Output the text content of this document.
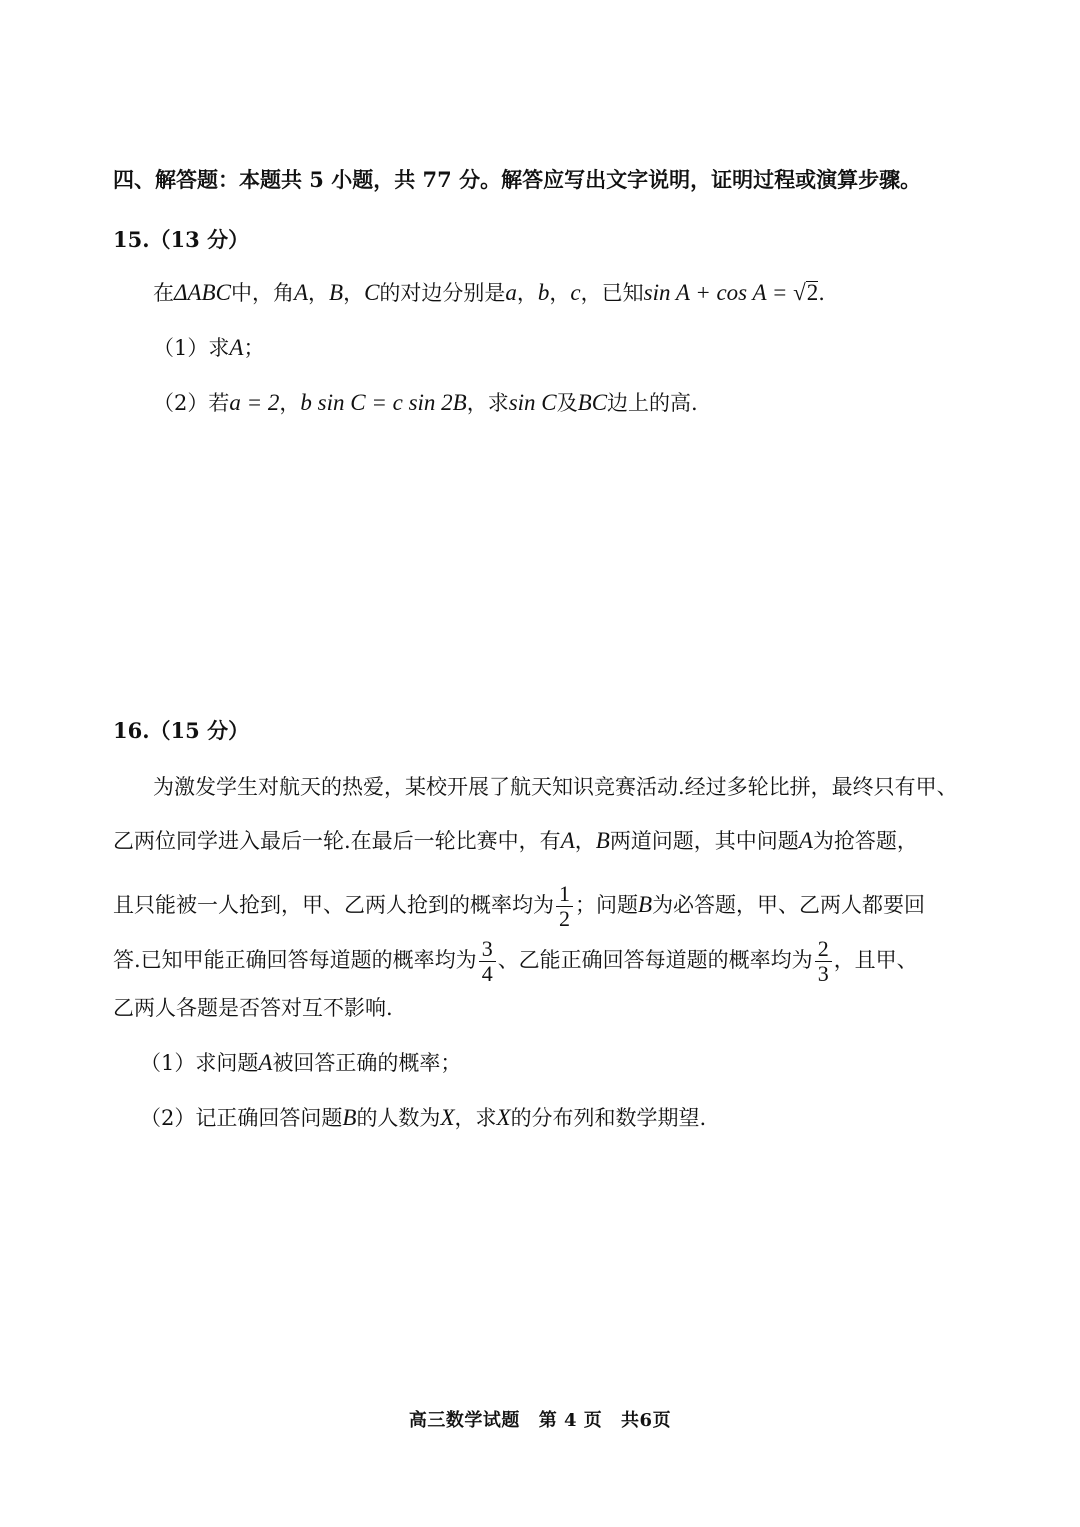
四、解答题：本题共 5 小题，共 77 分。解答应写出文字说明，证明过程或演算步骤。
15.（13 分）
在ΔABC中，角A，B，C的对边分别是a，b，c，已知sin A + cos A = √2.
（1）求A；
（2）若a = 2，b sin C = c sin 2B，求sin C及BC边上的高.
16.（15 分）
为激发学生对航天的热爱，某校开展了航天知识竞赛活动.经过多轮比拼，最终只有甲、
乙两位同学进入最后一轮.在最后一轮比赛中，有A，B两道问题，其中问题A为抢答题，
且只能被一人抢到，甲、乙两人抢到的概率均为 $\frac{1}{2}$ ；问题B为必答题，甲、乙两人都要回
答.已知甲能正确回答每道题的概率均为 $\frac{3}{4}$ 、乙能正确回答每道题的概率均为 $\frac{2}{3}$ ，且甲、
乙两人各题是否答对互不影响.
（1）求问题A被回答正确的概率；
（2）记正确回答问题B的人数为X，求X的分布列和数学期望.
高三数学试题 第 4 页 共6页
